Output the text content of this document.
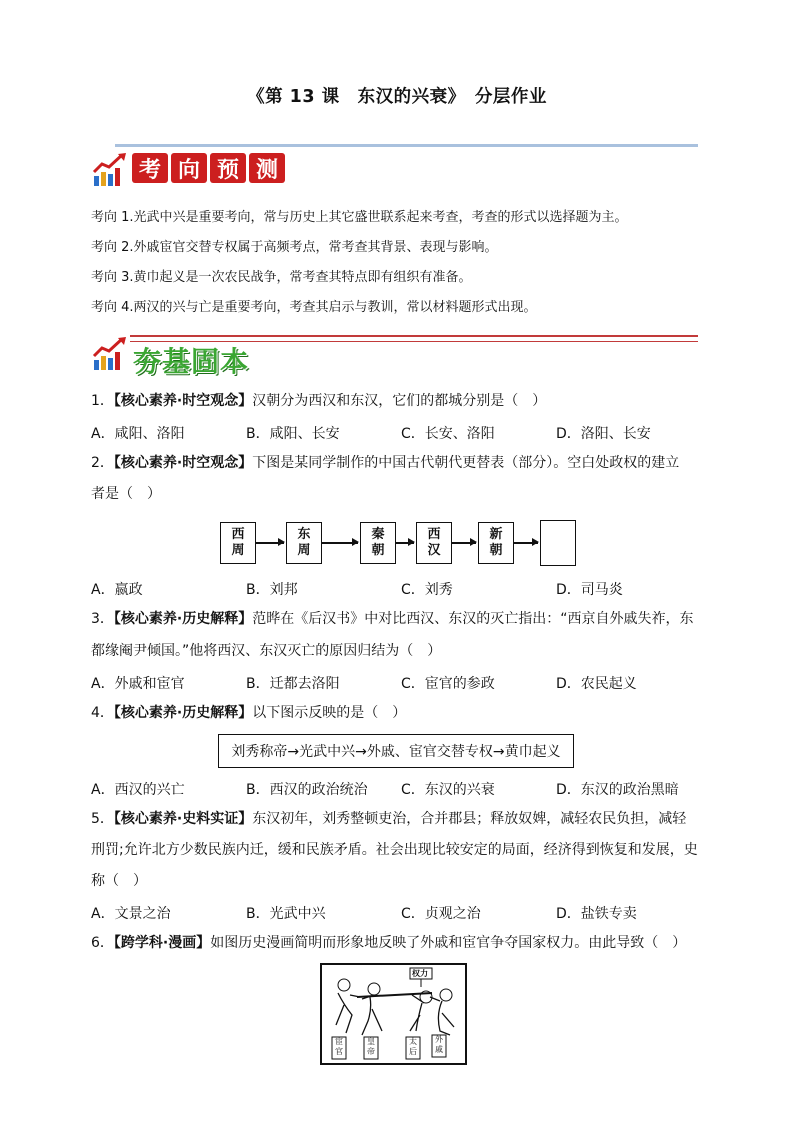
《第 13 课　东汉的兴衰》　分层作业
考 向 预 测
考向 1.光武中兴是重要考向，常与历史上其它盛世联系起来考查，考查的形式以选择题为主。
考向 2.外戚宦官交替专权属于高频考点，常考查其背景、表现与影响。
考向 3.黄巾起义是一次农民战争，常考查其特点即有组织有准备。
考向 4.两汉的兴与亡是重要考向，考查其启示与教训，常以材料题形式出现。
夯基固本
1．【核心素养·时空观念】汉朝分为西汉和东汉，它们的都城分别是（　）
A．咸阳、洛阳	B．咸阳、长安	C．长安、洛阳	D．洛阳、长安
2．【核心素养·时空观念】下图是某同学制作的中国古代朝代更替表（部分）。空白处政权的建立
者是（　）
西
周
东
周
秦
朝
西
汉
新
朝
A．嬴政	B．刘邦	C．刘秀	D．司马炎
3．【核心素养·历史解释】范晔在《后汉书》中对比西汉、东汉的灭亡指出：“西京自外戚失祚，东
都缘阉尹倾国。”他将西汉、东汉灭亡的原因归结为（　）
A．外戚和宦官	B．迁都去洛阳	C．宦官的参政	D．农民起义
4．【核心素养·历史解释】以下图示反映的是（　）
刘秀称帝→光武中兴→外戚、宦官交替专权→黄巾起义
A．西汉的兴亡	B．西汉的政治统治	C．东汉的兴衰	D．东汉的政治黑暗
5．【核心素养·史料实证】东汉初年，刘秀整顿吏治，合并郡县；释放奴婢，减轻农民负担，减轻
刑罚;允许北方少数民族内迁，缓和民族矛盾。社会出现比较安定的局面，经济得到恢复和发展，史
称（　）
A．文景之治	B．光武中兴	C．贞观之治	D．盐铁专卖
6．【跨学科·漫画】如图历史漫画简明而形象地反映了外戚和宦官争夺国家权力。由此导致（　）
权力
宦官
皇帝
太后
外戚
